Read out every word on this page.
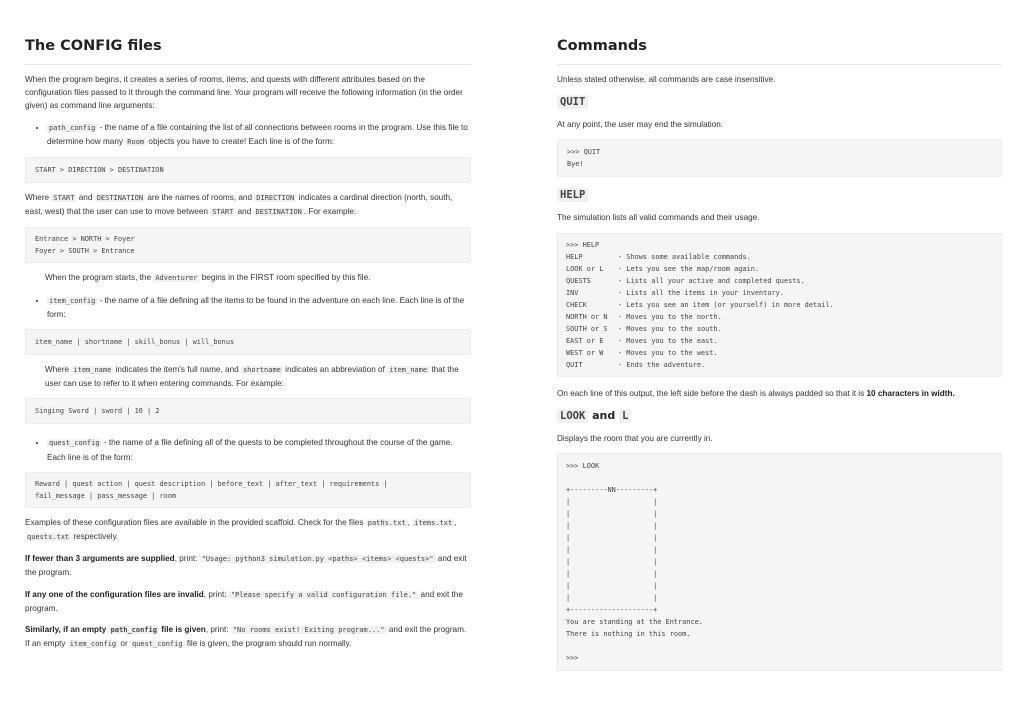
The CONFIG files

When the program begins, it creates a series of rooms, items, and quests with different attributes based on the configuration files passed to it through the command line. Your program will receive the following information (in the order given) as command line arguments:

• path_config - the name of a file containing the list of all connections between rooms in the program. Use this file to determine how many Room objects you have to create! Each line is of the form:
START > DIRECTION > DESTINATION

Where START and DESTINATION are the names of rooms, and DIRECTION indicates a cardinal direction (north, south, east, west) that the user can use to move between START and DESTINATION . For example:

Entrance > NORTH > Foyer
Foyer > SOUTH > Entrance

When the program starts, the Adventurer begins in the FIRST room specified by this file.

• item_config - the name of a file defining all the items to be found in the adventure on each line. Each line is of the form:
item_name | shortname | skill_bonus | will_bonus

Where item_name indicates the item's full name, and shortname indicates an abbreviation of item_name that the user can use to refer to it when entering commands. For example:

Singing Sword | sword | 10 | 2
• quest_config - the name of a file defining all of the quests to be completed throughout the course of the game. Each line is of the form:
Reward | quest action | quest description | before_text | after_text | requirements |
fail_message | pass_message | room

Examples of these configuration files are available in the provided scaffold. Check for the files paths.txt , items.txt , quests.txt respectively.

If fewer than 3 arguments are supplied, print: "Usage: python3 simulation.py <paths> <items> <quests>" and exit the program.

If any one of the configuration files are invalid, print: "Please specify a valid configuration file." and exit the program.

Similarly, if an empty path_config file is given, print: "No rooms exist! Exiting program..." and exit the program. If an empty item_config or quest_config file is given, the program should run normally.

Commands

Unless stated otherwise, all commands are case insensitive.

QUIT

At any point, the user may end the simulation.

>>> QUIT
Bye!
HELP

The simulation lists all valid commands and their usage.

>>> HELP
HELP	- Shows some available commands.
LOOK or L	- Lets you see the map/room again.
QUESTS	- Lists all your active and completed quests.
INV	- Lists all the items in your inventory.
CHECK	- Lets you see an item (or yourself) in more detail.
NORTH or N	- Moves you to the north.
SOUTH or S	- Moves you to the south.
EAST or E	- Moves you to the east.
WEST or W	- Moves you to the west.
QUIT	- Ends the adventure.

On each line of this output, the left side before the dash is always padded so that it is 10 characters in width.

LOOK and L

Displays the room that you are currently in.

>>> LOOK

+---------NN---------+
|                    |
|                    |
|                    |
|                    |
|                    |
|                    |
|                    |
|                    |
|                    |
+--------------------+
You are standing at the Entrance.
There is nothing in this room.

>>>
